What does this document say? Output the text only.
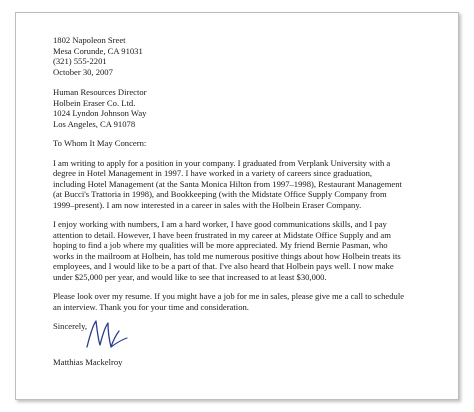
1802 Napoleon Sreet
Mesa Corunde, CA 91031
(321) 555-2201
October 30, 2007
Human Resources Director
Holbein Eraser Co. Ltd.
1024 Lyndon Johnson Way
Los Angeles, CA 91078
To Whom It May Concern:
I am writing to apply for a position in your company. I graduated from Verplank University with a
degree in Hotel Management in 1997. I have worked in a variety of careers since graduation,
including Hotel Management (at the Santa Monica Hilton from 1997–1998), Restaurant Management
(at Bucci's Trattoria in 1998), and Bookkeeping (with the Midstate Office Supply Company from
1999–present). I am now interested in a career in sales with the Holbein Eraser Company.
I enjoy working with numbers, I am a hard worker, I have good communications skills, and I pay
attention to detail. However, I have been frustrated in my career at Midstate Office Supply and am
hoping to find a job where my qualities will be more appreciated. My friend Bernie Pasman, who
works in the mailroom at Holbein, has told me numerous positive things about how Holbein treats its
employees, and I would like to be a part of that. I've also heard that Holbein pays well. I now make
under $25,000 per year, and would like to see that increased to at least $30,000.
Please look over my resume. If you might have a job for me in sales, please give me a call to schedule
an interview. Thank you for your time and consideration.
Sincerely,
Matthias Mackelroy
